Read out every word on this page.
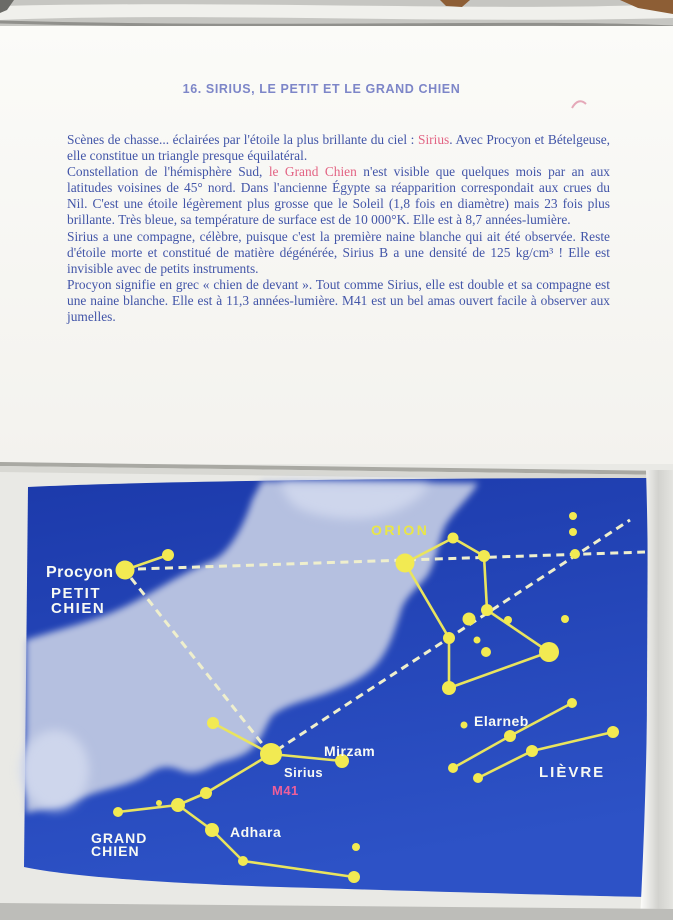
Procyon
PETIT
CHIEN
ORION
Elarneb
LIÈVRE
Mirzam
Sirius
M41
Adhara
GRAND
CHIEN
16. SIRIUS, LE PETIT ET LE GRAND CHIEN

Scènes de chasse... éclairées par l'étoile la plus brillante du ciel : Sirius. Avec Procyon et Bételgeuse, elle constitue un triangle presque équilatéral.

Constellation de l'hémisphère Sud, le Grand Chien n'est visible que quelques mois par an aux latitudes voisines de 45° nord. Dans l'ancienne Égypte sa réapparition correspondait aux crues du Nil. C'est une étoile légèrement plus grosse que le Soleil (1,8 fois en diamètre) mais 23 fois plus brillante. Très bleue, sa température de surface est de 10 000°K. Elle est à 8,7 années-lumière.

Sirius a une compagne, célèbre, puisque c'est la première naine blanche qui ait été observée. Reste d'étoile morte et constitué de matière dégénérée, Sirius B a une densité de 125 kg/cm³ ! Elle est invisible avec de petits instruments.

Procyon signifie en grec « chien de devant ». Tout comme Sirius, elle est double et sa compagne est une naine blanche. Elle est à 11,3 années-lumière. M41 est un bel amas ouvert facile à observer aux jumelles.
